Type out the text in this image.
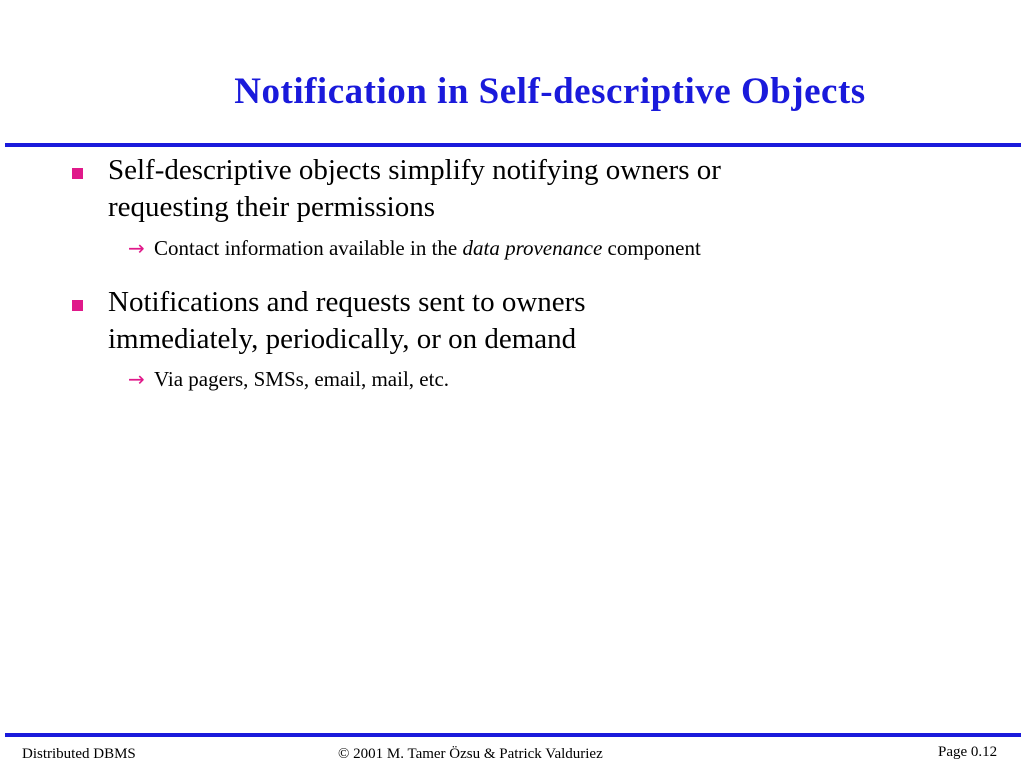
Notification in Self-descriptive Objects
Self-descriptive objects simplify notifying owners or
requesting their permissions
→ Contact information available in the data provenance component
Notifications and requests sent to owners
immediately, periodically, or on demand
→ Via pagers, SMSs, email, mail, etc.
Distributed DBMS	© 2001 M. Tamer Özsu & Patrick Valduriez	Page 0.12
